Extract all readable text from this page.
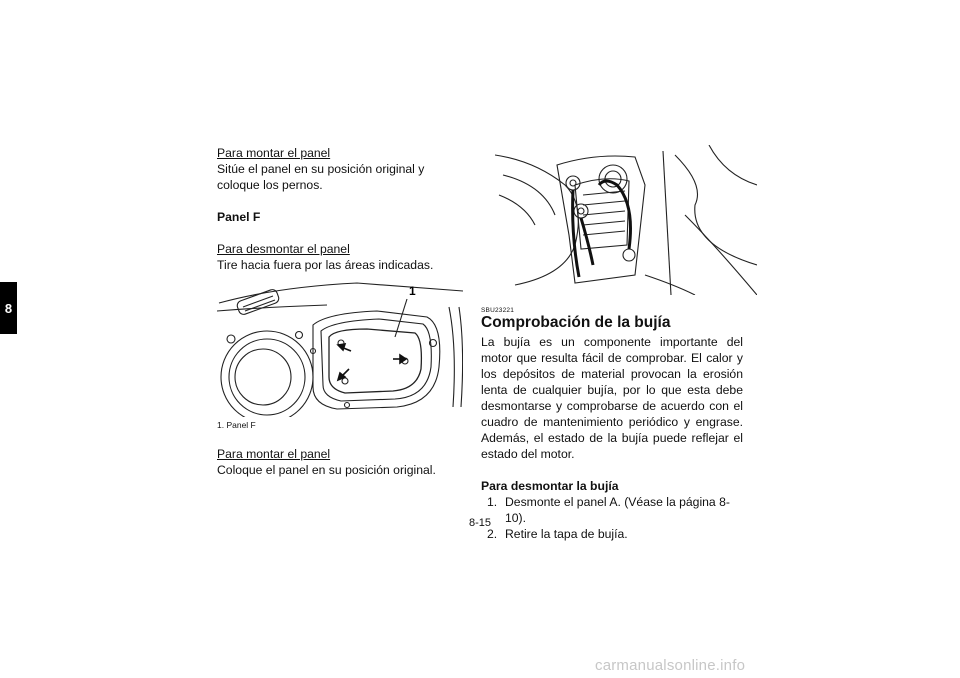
8

Para montar el panel

Sitúe el panel en su posición original y coloque los pernos.

Panel F

Para desmontar el panel

Tire hacia fuera por las áreas indicadas.

1
1. Panel F

Para montar el panel

Coloque el panel en su posición original.

SBU23221
Comprobación de la bujía

La bujía es un componente importante del motor que resulta fácil de comprobar. El calor y los depósitos de material provocan la erosión lenta de cualquier bujía, por lo que esta debe desmontarse y comprobarse de acuerdo con el cuadro de mantenimiento periódico y engrase. Además, el estado de la bujía puede reflejar el estado del motor.

Para desmontar la bujía

1. Desmonte el panel A. (Véase la página 8-10).
2. Retire la tapa de bujía.
8-15
carmanualsonline.info
